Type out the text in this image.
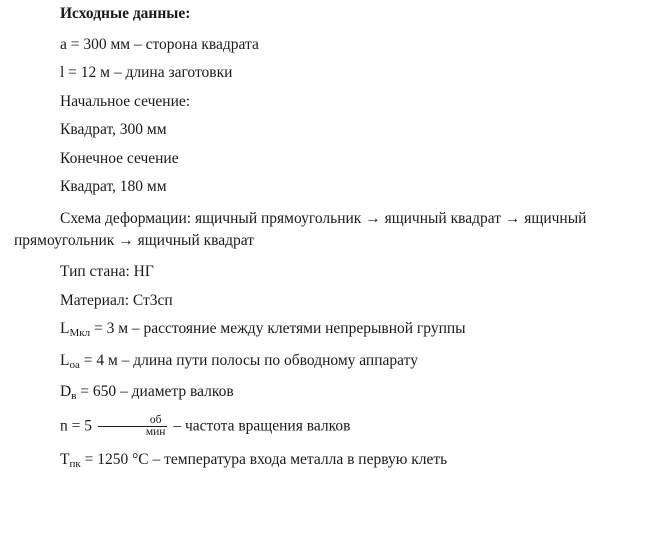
Исходные данные:

a = 300 мм – сторона квадрата

l = 12 м – длина заготовки

Начальное сечение:

Квадрат, 300 мм

Конечное сечение

Квадрат, 180 мм

Схема деформации: ящичный прямоугольник → ящичный квадрат → ящичный прямоугольник → ящичный квадрат

Тип стана: НГ

Материал: Ст3сп

$L_{Mкл} = 3$ м – расстояние между клетями непрерывной группы

$L_{оа} = 4$ м – длина пути полосы по обводному аппарату

$D_в = 650$ – диаметр валков

$n = 5 \frac{об}{\text{мин}}$ – частота вращения валков

$T_{пк} = 1250$ °C – температура входа металла в первую клеть
